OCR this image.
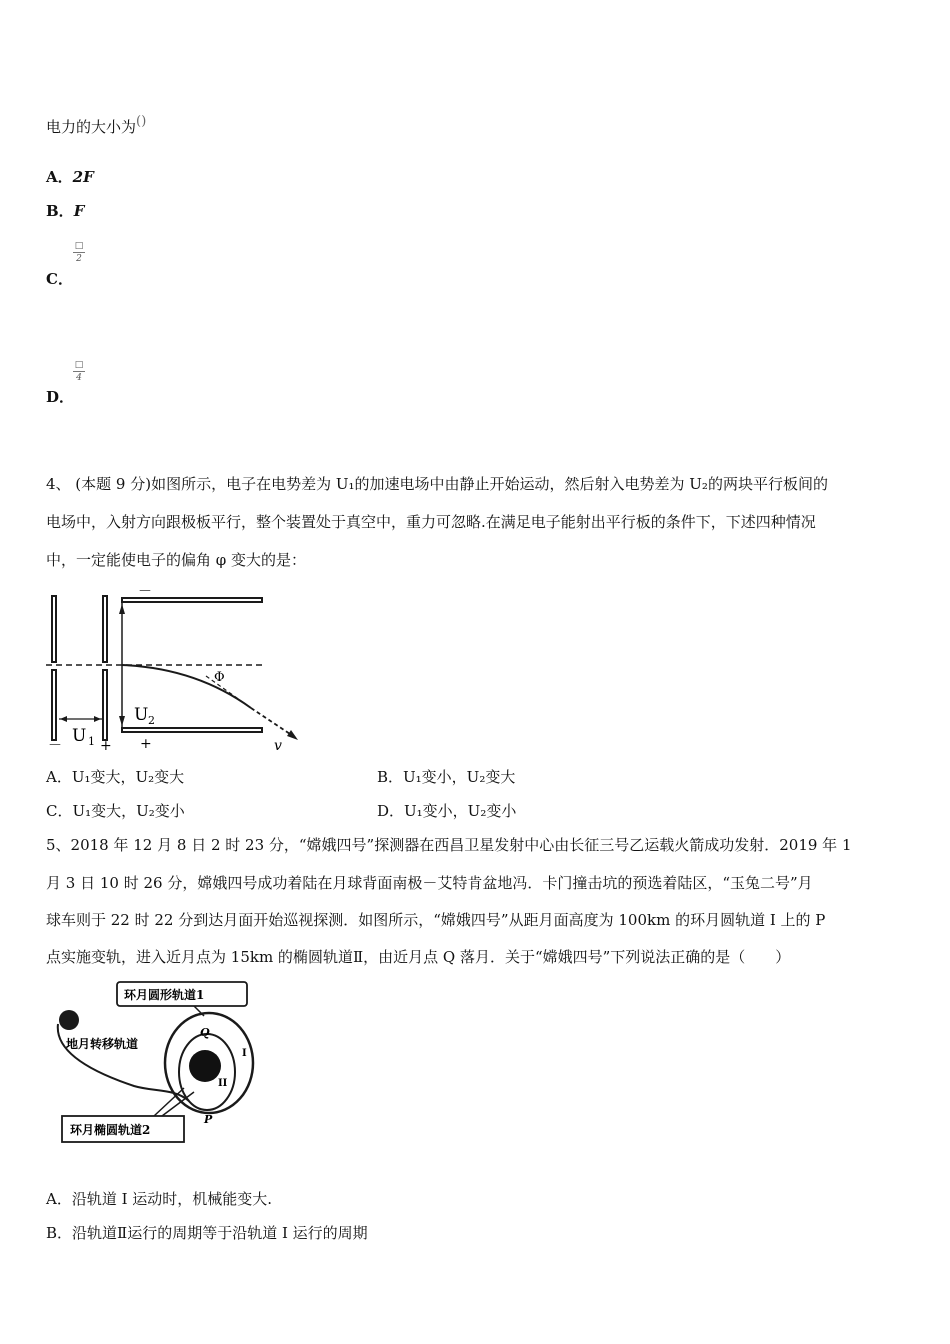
电力的大小为( )
A．2F
B．F
C．
□
2
D．
□
4
4、 (本题 9 分)如图所示，电子在电势差为 U₁的加速电场中由静止开始运动，然后射入电势差为 U₂的两块平行板间的
电场中，入射方向跟极板平行，整个装置处于真空中，重力可忽略.在满足电子能射出平行板的条件下，下述四种情况
中，一定能使电子的偏角 φ 变大的是：
－
－	+ +
U 1
U 2
Φ
v
A．U₁变大，U₂变大	B．U₁变小，U₂变大
C．U₁变大，U₂变小	D．U₁变小，U₂变小
5、2018 年 12 月 8 日 2 时 23 分，“嫦娥四号”探测器在西昌卫星发射中心由长征三号乙运载火箭成功发射．2019 年 1
月 3 日 10 时 26 分，嫦娥四号成功着陆在月球背面南极－艾特肯盆地冯．卡门撞击坑的预选着陆区，“玉兔二号”月
球车则于 22 时 22 分到达月面开始巡视探测．如图所示，“嫦娥四号”从距月面高度为 100km 的环月圆轨道 I 上的 P
点实施变轨，进入近月点为 15km 的椭圆轨道Ⅱ，由近月点 Q 落月．关于“嫦娥四号”下列说法正确的是（　　）
环月圆形轨道1
地月转移轨道
环月椭圆轨道2
Q
P
I
II
A．沿轨道 I 运动时，机械能变大.
B．沿轨道Ⅱ运行的周期等于沿轨道 I 运行的周期
